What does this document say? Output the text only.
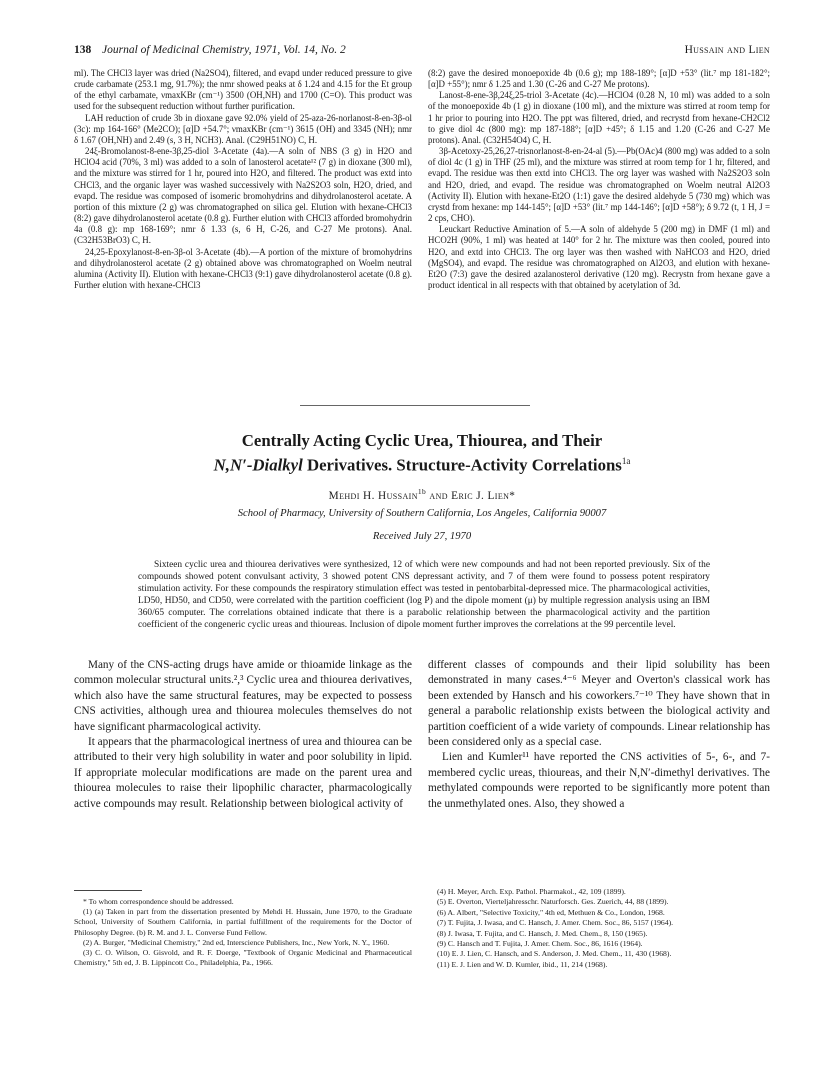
138 Journal of Medicinal Chemistry, 1971, Vol. 14, No. 2	Hussain and Lien

ml). The CHCl3 layer was dried (Na2SO4), filtered, and evapd under reduced pressure to give crude carbamate (253.1 mg, 91.7%); the nmr showed peaks at δ 1.24 and 4.15 for the Et group of the ethyl carbamate, νmaxKBr (cm⁻¹) 3500 (OH,NH) and 1700 (C=O). This product was used for the subsequent reduction without further purification.

LAH reduction of crude 3b in dioxane gave 92.0% yield of 25-aza-26-norlanost-8-en-3β-ol (3c): mp 164-166° (Me2CO); [α]D +54.7°; νmaxKBr (cm⁻¹) 3615 (OH) and 3345 (NH); nmr δ 1.67 (OH,NH) and 2.49 (s, 3 H, NCH3). Anal. (C29H51NO) C, H.

24ξ-Bromolanost-8-ene-3β,25-diol 3-Acetate (4a).—A soln of NBS (3 g) in H2O and HClO4 acid (70%, 3 ml) was added to a soln of lanosterol acetate¹² (7 g) in dioxane (300 ml), and the mixture was stirred for 1 hr, poured into H2O, and filtered. The product was extd into CHCl3, and the organic layer was washed successively with Na2S2O3 soln, H2O, dried, and evapd. The residue was composed of isomeric bromohydrins and dihydrolanosterol acetate. A portion of this mixture (2 g) was chromatographed on silica gel. Elution with hexane-CHCl3 (8:2) gave dihydrolanosterol acetate (0.8 g). Further elution with CHCl3 afforded bromohydrin 4a (0.8 g): mp 168-169°; nmr δ 1.33 (s, 6 H, C-26, and C-27 Me protons). Anal. (C32H53BrO3) C, H.

24,25-Epoxylanost-8-en-3β-ol 3-Acetate (4b).—A portion of the mixture of bromohydrins and dihydrolanosterol acetate (2 g) obtained above was chromatographed on Woelm neutral alumina (Activity II). Elution with hexane-CHCl3 (9:1) gave dihydrolanosterol acetate (0.8 g). Further elution with hexane-CHCl3

(8:2) gave the desired monoepoxide 4b (0.6 g); mp 188-189°; [α]D +53° (lit.⁷ mp 181-182°; [α]D +55°); nmr δ 1.25 and 1.30 (C-26 and C-27 Me protons).

Lanost-8-ene-3β,24ξ,25-triol 3-Acetate (4c).—HClO4 (0.28 N, 10 ml) was added to a soln of the monoepoxide 4b (1 g) in dioxane (100 ml), and the mixture was stirred at room temp for 1 hr prior to pouring into H2O. The ppt was filtered, dried, and recrystd from hexane-CH2Cl2 to give diol 4c (800 mg): mp 187-188°; [α]D +45°; δ 1.15 and 1.20 (C-26 and C-27 Me protons). Anal. (C32H54O4) C, H.

3β-Acetoxy-25,26,27-trisnorlanost-8-en-24-al (5).—Pb(OAc)4 (800 mg) was added to a soln of diol 4c (1 g) in THF (25 ml), and the mixture was stirred at room temp for 1 hr, filtered, and evapd. The residue was then extd into CHCl3. The org layer was washed with Na2S2O3 soln and H2O, dried, and evapd. The residue was chromatographed on Woelm neutral Al2O3 (Activity II). Elution with hexane-Et2O (1:1) gave the desired aldehyde 5 (730 mg) which was crystd from hexane: mp 144-145°; [α]D +53° (lit.⁷ mp 144-146°; [α]D +58°); δ 9.72 (t, 1 H, J = 2 cps, CHO).

Leuckart Reductive Amination of 5.—A soln of aldehyde 5 (200 mg) in DMF (1 ml) and HCO2H (90%, 1 ml) was heated at 140° for 2 hr. The mixture was then cooled, poured into H2O, and extd into CHCl3. The org layer was then washed with NaHCO3 and H2O, dried (MgSO4), and evapd. The residue was chromatographed on Al2O3, and elution with hexane-Et2O (7:3) gave the desired azalanosterol derivative (120 mg). Recrystn from hexane gave a product identical in all respects with that obtained by acetylation of 3d.

Centrally Acting Cyclic Urea, Thiourea, and Their
N,N′-Dialkyl Derivatives. Structure-Activity Correlations$^{1a}$
Mehdi H. Hussain$^{1b}$ and Eric J. Lien*
School of Pharmacy, University of Southern California, Los Angeles, California 90007
Received July 27, 1970
Sixteen cyclic urea and thiourea derivatives were synthesized, 12 of which were new compounds and had not been reported previously. Six of the compounds showed potent convulsant activity, 3 showed potent CNS depressant activity, and 7 of them were found to possess potent respiratory stimulation activity. For these compounds the respiratory stimulation effect was tested in pentobarbital-depressed mice. The pharmacological activities, LD50, HD50, and CD50, were correlated with the partition coefficient (log P) and the dipole moment (μ) by multiple regression analysis using an IBM 360/65 computer. The correlations obtained indicate that there is a parabolic relationship between the pharmacological activity and the partition coefficient of the congeneric cyclic ureas and thioureas. Inclusion of dipole moment further improves the correlations at the 99 percentile level.

Many of the CNS-acting drugs have amide or thioamide linkage as the common molecular structural units.²,³ Cyclic urea and thiourea derivatives, which also have the same structural features, may be expected to possess CNS activities, although urea and thiourea molecules themselves do not have significant pharmacological activity.

It appears that the pharmacological inertness of urea and thiourea can be attributed to their very high solubility in water and poor solubility in lipid. If appropriate molecular modifications are made on the parent urea and thiourea molecules to raise their lipophilic character, pharmacologically active compounds may result. Relationship between biological activity of

different classes of compounds and their lipid solubility has been demonstrated in many cases.⁴⁻⁶ Meyer and Overton's classical work has been extended by Hansch and his coworkers.⁷⁻¹⁰ They have shown that in general a parabolic relationship exists between the biological activity and partition coefficient of a wide variety of compounds. Linear relationship has been considered only as a special case.

Lien and Kumler¹¹ have reported the CNS activities of 5-, 6-, and 7-membered cyclic ureas, thioureas, and their N,N′-dimethyl derivatives. The methylated compounds were reported to be significantly more potent than the unmethylated ones. Also, they showed a

* To whom correspondence should be addressed.

(1) (a) Taken in part from the dissertation presented by Mehdi H. Hussain, June 1970, to the Graduate School, University of Southern California, in partial fulfillment of the requirements for the Doctor of Philosophy Degree. (b) R. M. and J. L. Converse Fund Fellow.

(2) A. Burger, "Medicinal Chemistry," 2nd ed, Interscience Publishers, Inc., New York, N. Y., 1960.

(3) C. O. Wilson, O. Gisvold, and R. F. Doerge, "Textbook of Organic Medicinal and Pharmaceutical Chemistry," 5th ed, J. B. Lippincott Co., Philadelphia, Pa., 1966.

(4) H. Meyer, Arch. Exp. Pathol. Pharmakol., 42, 109 (1899).

(5) E. Overton, Vierteljahresschr. Naturforsch. Ges. Zuerich, 44, 88 (1899).

(6) A. Albert, "Selective Toxicity," 4th ed, Methuen & Co., London, 1968.

(7) T. Fujita, J. Iwasa, and C. Hansch, J. Amer. Chem. Soc., 86, 5157 (1964).

(8) J. Iwasa, T. Fujita, and C. Hansch, J. Med. Chem., 8, 150 (1965).

(9) C. Hansch and T. Fujita, J. Amer. Chem. Soc., 86, 1616 (1964).

(10) E. J. Lien, C. Hansch, and S. Anderson, J. Med. Chem., 11, 430 (1968).

(11) E. J. Lien and W. D. Kumler, ibid., 11, 214 (1968).
